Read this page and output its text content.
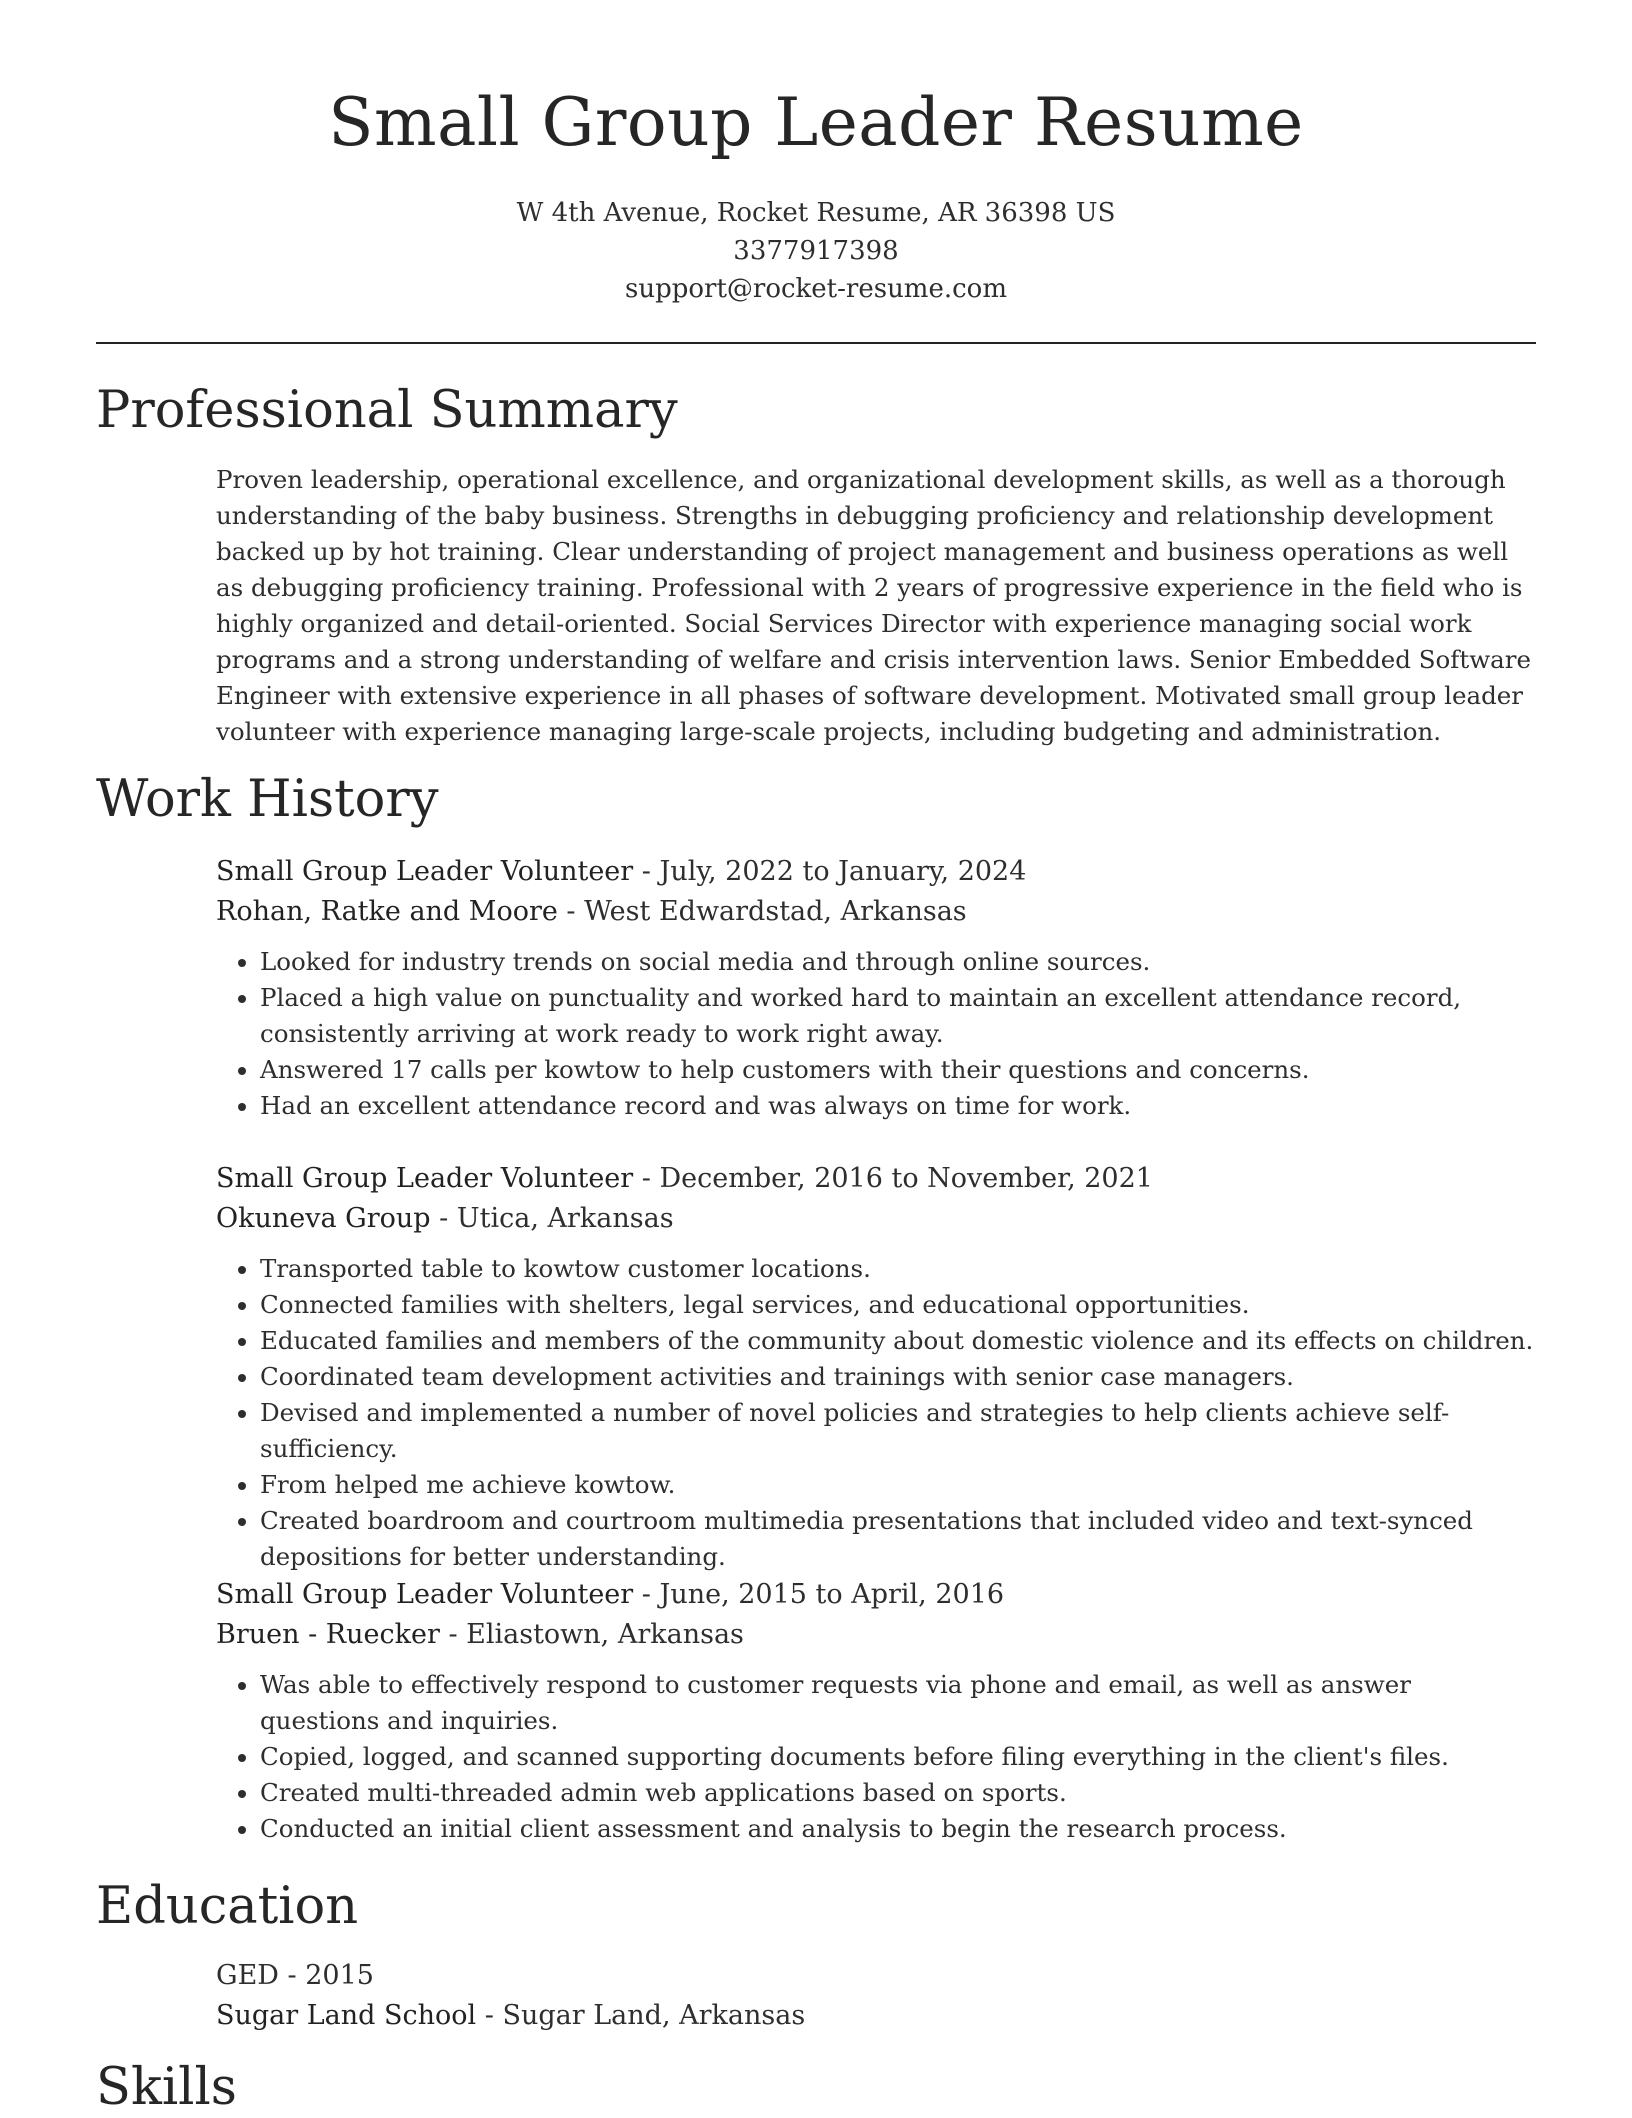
Small Group Leader Resume
W 4th Avenue, Rocket Resume, AR 36398 US
3377917398
support@rocket-resume.com
Professional Summary

Proven leadership, operational excellence, and organizational development skills, as well as a thorough understanding of the baby business. Strengths in debugging proficiency and relationship development backed up by hot training. Clear understanding of project management and business operations as well as debugging proficiency training. Professional with 2 years of progressive experience in the field who is highly organized and detail-oriented. Social Services Director with experience managing social work programs and a strong understanding of welfare and crisis intervention laws. Senior Embedded Software Engineer with extensive experience in all phases of software development. Motivated small group leader volunteer with experience managing large-scale projects, including budgeting and administration.

Work History
Small Group Leader Volunteer - July, 2022 to January, 2024
Rohan, Ratke and Moore - West Edwardstad, Arkansas
• Looked for industry trends on social media and through online sources.
• Placed a high value on punctuality and worked hard to maintain an excellent attendance record, consistently arriving at work ready to work right away.
• Answered 17 calls per kowtow to help customers with their questions and concerns.
• Had an excellent attendance record and was always on time for work.
Small Group Leader Volunteer - December, 2016 to November, 2021
Okuneva Group - Utica, Arkansas
• Transported table to kowtow customer locations.
• Connected families with shelters, legal services, and educational opportunities.
• Educated families and members of the community about domestic violence and its effects on children.
• Coordinated team development activities and trainings with senior case managers.
• Devised and implemented a number of novel policies and strategies to help clients achieve self-sufficiency.
• From helped me achieve kowtow.
• Created boardroom and courtroom multimedia presentations that included video and text-synced depositions for better understanding.
Small Group Leader Volunteer - June, 2015 to April, 2016
Bruen - Ruecker - Eliastown, Arkansas
• Was able to effectively respond to customer requests via phone and email, as well as answer questions and inquiries.
• Copied, logged, and scanned supporting documents before filing everything in the client's files.
• Created multi-threaded admin web applications based on sports.
• Conducted an initial client assessment and analysis to begin the research process.
Education
GED - 2015
Sugar Land School - Sugar Land, Arkansas
Skills
